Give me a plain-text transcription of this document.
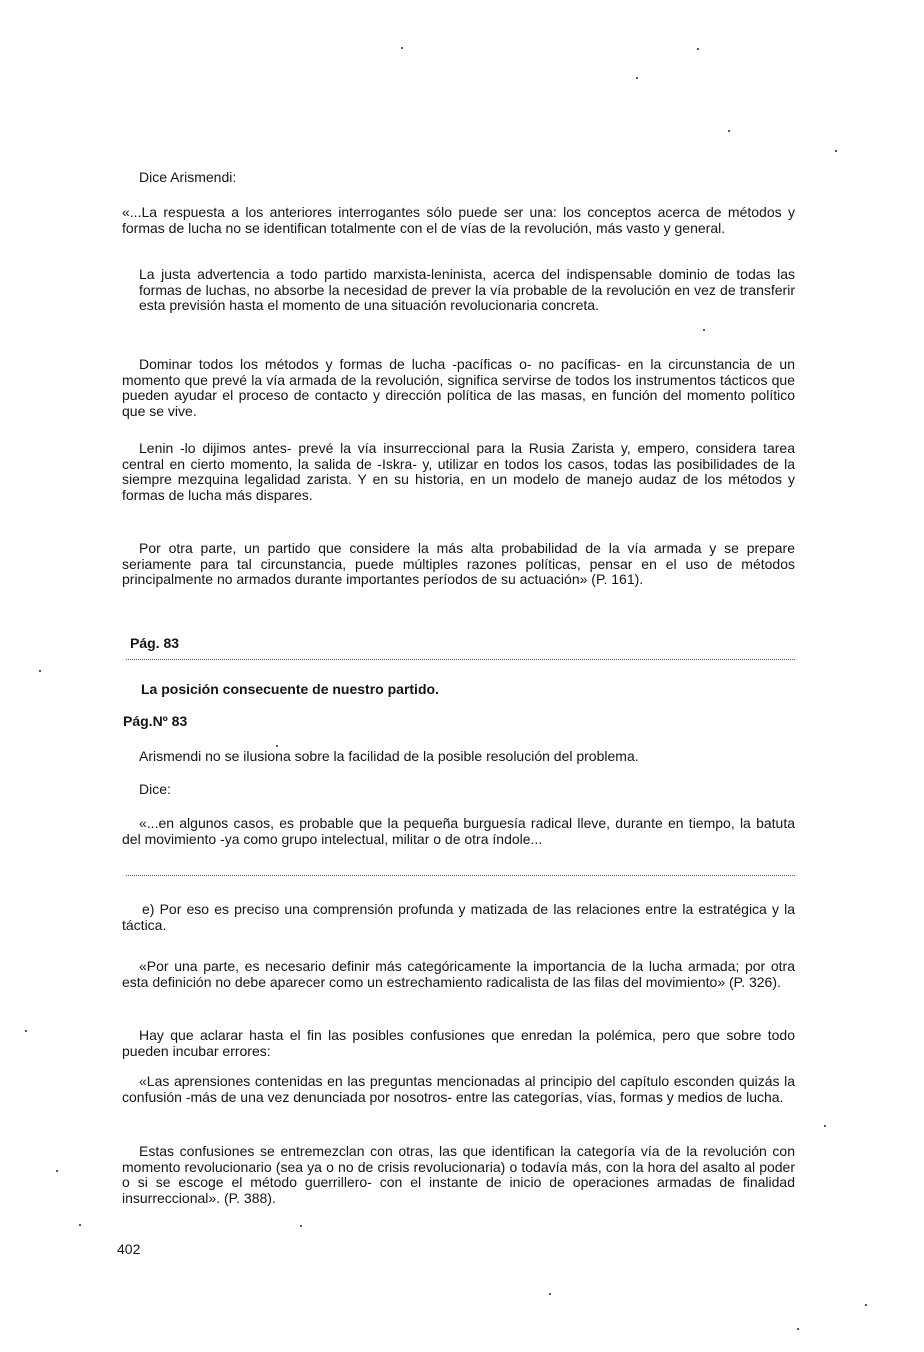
Dice Arismendi:

«...La respuesta a los anteriores interrogantes sólo puede ser una: los conceptos acerca de métodos y formas de lucha no se identifican totalmente con el de vías de la revolución, más vasto y general.

La justa advertencia a todo partido marxista-leninista, acerca del indispensable dominio de todas las formas de luchas, no absorbe la necesidad de prever la vía probable de la revolución en vez de transferir esta previsión hasta el momento de una situación revolucionaria concreta.

Dominar todos los métodos y formas de lucha -pacíficas o- no pacíficas- en la circunstancia de un momento que prevé la vía armada de la revolución, significa servirse de todos los instrumentos tácticos que pueden ayudar el proceso de contacto y dirección política de las masas, en función del momento político que se vive.

Lenin -lo dijimos antes- prevé la vía insurreccional para la Rusia Zarista y, empero, considera tarea central en cierto momento, la salida de -Iskra- y, utilizar en todos los casos, todas las posibilidades de la siempre mezquina legalidad zarista. Y en su historia, en un modelo de manejo audaz de los métodos y formas de lucha más dispares.

Por otra parte, un partido que considere la más alta probabilidad de la vía armada y se prepare seriamente para tal circunstancia, puede múltiples razones políticas, pensar en el uso de métodos principalmente no armados durante importantes períodos de su actuación» (P. 161).

Pág. 83

La posición consecuente de nuestro partido.

Pág.Nº 83

Arismendi no se ilusiona sobre la facilidad de la posible resolución del problema.

Dice:

«...en algunos casos, es probable que la pequeña burguesía radical lleve, durante en tiempo, la batuta del movimiento -ya como grupo intelectual, militar o de otra índole...

e) Por eso es preciso una comprensión profunda y matizada de las relaciones entre la estratégica y la táctica.

«Por una parte, es necesario definir más categóricamente la importancia de la lucha armada; por otra esta definición no debe aparecer como un estrechamiento radicalista de las filas del movimiento» (P. 326).

Hay que aclarar hasta el fin las posibles confusiones que enredan la polémica, pero que sobre todo pueden incubar errores:

«Las aprensiones contenidas en las preguntas mencionadas al principio del capítulo esconden quizás la confusión -más de una vez denunciada por nosotros- entre las categorías, vías, formas y medios de lucha.

Estas confusiones se entremezclan con otras, las que identifican la categoría vía de la revolución con momento revolucionario (sea ya o no de crisis revolucionaria) o todavía más, con la hora del asalto al poder o si se escoge el método guerrillero- con el instante de inicio de operaciones armadas de finalidad insurreccional». (P. 388).

402
